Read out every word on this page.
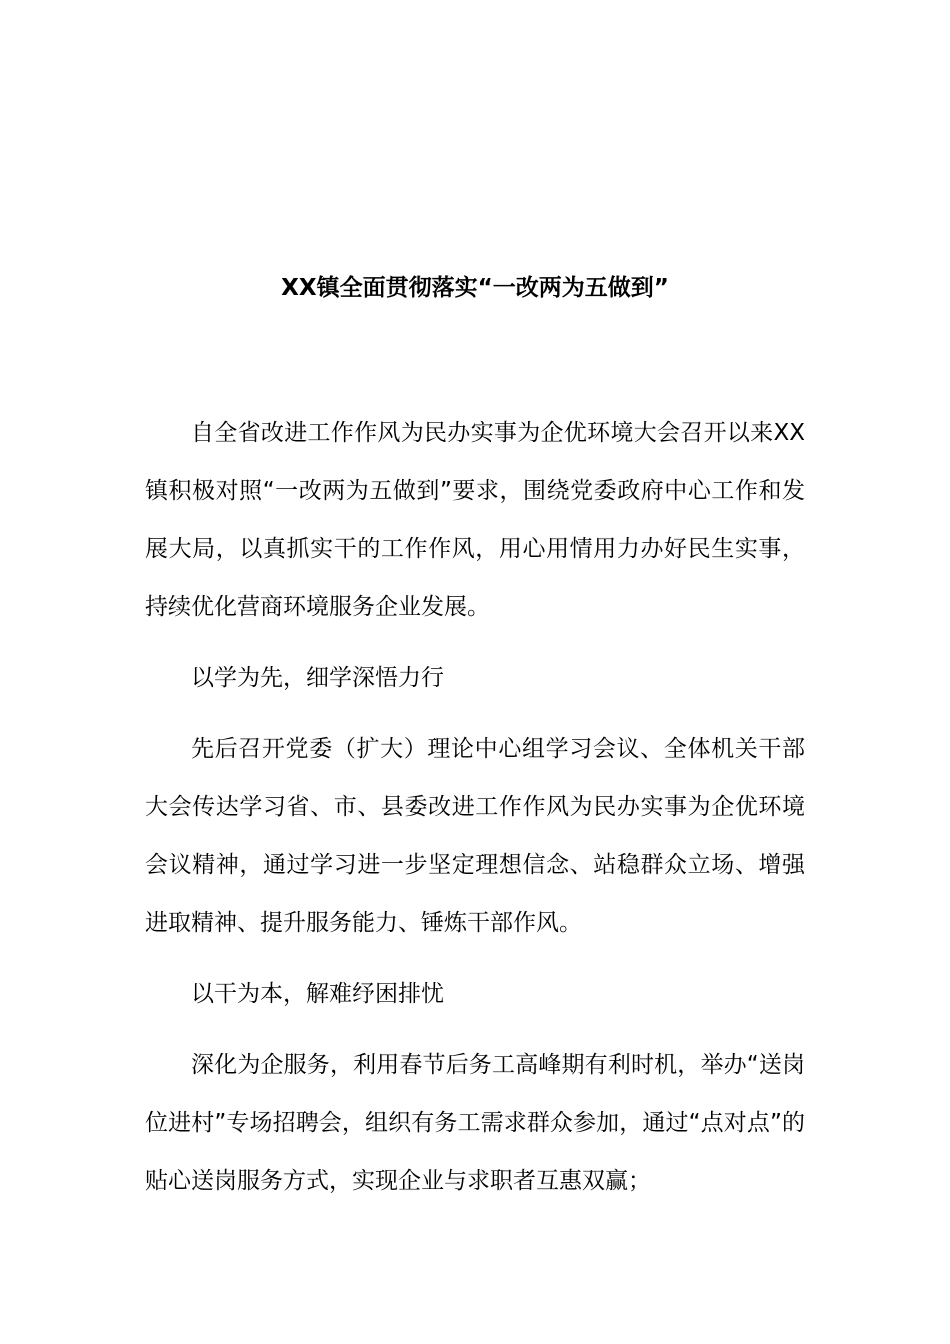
XX镇全面贯彻落实“一改两为五做到”

自全省改进工作作风为民办实事为企优环境大会召开以来XX镇积极对照“一改两为五做到”要求，围绕党委政府中心工作和发展大局，以真抓实干的工作作风，用心用情用力办好民生实事，持续优化营商环境服务企业发展。

以学为先，细学深悟力行

先后召开党委（扩大）理论中心组学习会议、全体机关干部大会传达学习省、市、县委改进工作作风为民办实事为企优环境会议精神，通过学习进一步坚定理想信念、站稳群众立场、增强进取精神、提升服务能力、锤炼干部作风。

以干为本，解难纾困排忧

深化为企服务，利用春节后务工高峰期有利时机，举办“送岗位进村”专场招聘会，组织有务工需求群众参加，通过“点对点”的贴心送岗服务方式，实现企业与求职者互惠双赢；
